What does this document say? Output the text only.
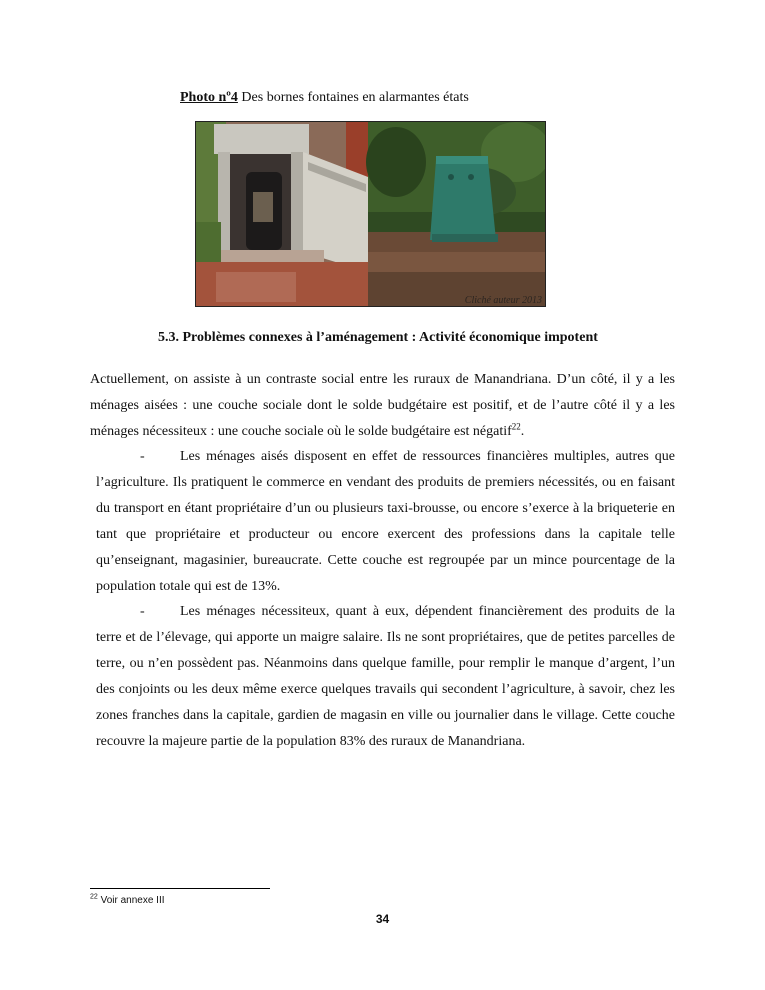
Photo nº4 Des bornes fontaines en alarmantes états
Cliché auteur 2013
5.3. Problèmes connexes à l’aménagement : Activité économique impotent

Actuellement, on assiste à un contraste social entre les ruraux de Manandriana. D’un côté, il y a les ménages aisées : une couche sociale dont le solde budgétaire est positif, et de l’autre côté il y a les ménages nécessiteux : une couche sociale où le solde budgétaire est négatif$^{22}$.

-	Les ménages aisés disposent en effet de ressources financières multiples, autres que l’agriculture. Ils pratiquent le commerce en vendant des produits de premiers nécessités, ou en faisant du transport en étant propriétaire d’un ou plusieurs taxi-brousse, ou encore s’exerce à la briqueterie en tant que propriétaire et producteur ou encore exercent des professions dans la capitale telle qu’enseignant, magasinier, bureaucrate. Cette couche est regroupée par un mince pourcentage de la population totale qui est de 13%.

-	Les ménages nécessiteux, quant à eux, dépendent financièrement des produits de la terre et de l’élevage, qui apporte un maigre salaire. Ils ne sont propriétaires, que de petites parcelles de terre, ou n’en possèdent pas. Néanmoins dans quelque famille, pour remplir le manque d’argent, l’un des conjoints ou les deux même exerce quelques travails qui secondent l’agriculture, à savoir, chez les zones franches dans la capitale, gardien de magasin en ville ou journalier dans le village. Cette couche recouvre la majeure partie de la population 83% des ruraux de Manandriana.

$^{22}$ Voir annexe III
34
